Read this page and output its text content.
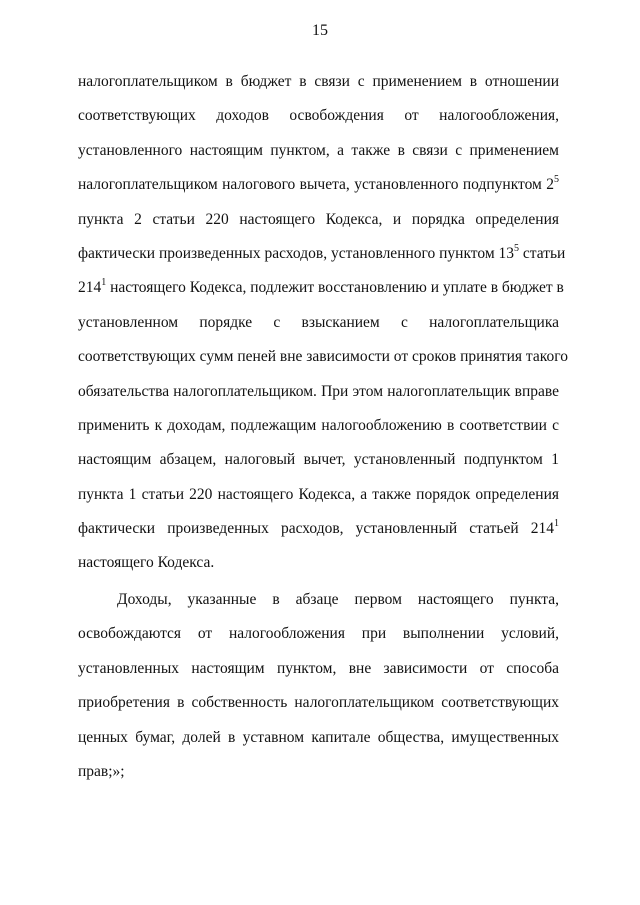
15
налогоплательщиком в бюджет в связи с применением в отношении
соответствующих доходов освобождения от налогообложения,
установленного настоящим пунктом, а также в связи с применением
налогоплательщиком налогового вычета, установленного подпунктом $2^5$
пункта 2 статьи 220 настоящего Кодекса, и порядка определения
фактически произведенных расходов, установленного пунктом $13^5$ статьи
$214^1$ настоящего Кодекса, подлежит восстановлению и уплате в бюджет в
установленном порядке с взысканием с налогоплательщика
соответствующих сумм пеней вне зависимости от сроков принятия такого
обязательства налогоплательщиком. При этом налогоплательщик вправе
применить к доходам, подлежащим налогообложению в соответствии с
настоящим абзацем, налоговый вычет, установленный подпунктом 1
пункта 1 статьи 220 настоящего Кодекса, а также порядок определения
фактически произведенных расходов, установленный статьей $214^1$
настоящего Кодекса.
Доходы, указанные в абзаце первом настоящего пункта,
освобождаются от налогообложения при выполнении условий,
установленных настоящим пунктом, вне зависимости от способа
приобретения в собственность налогоплательщиком соответствующих
ценных бумаг, долей в уставном капитале общества, имущественных
прав;»;
